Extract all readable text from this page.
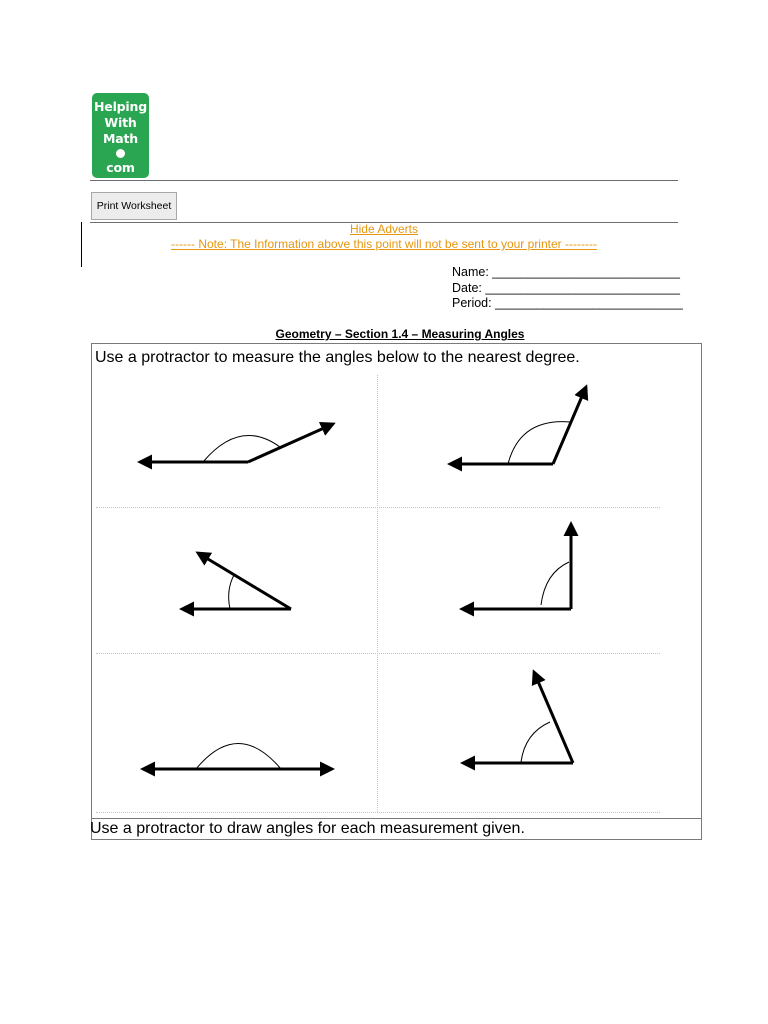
Helping
With
Math
com
Print Worksheet
Hide Adverts
------ Note: The Information above this point will not be sent to your printer --------
Name: ___________________________
Date: ____________________________
Period: ___________________________
Geometry – Section 1.4 – Measuring Angles
Use a protractor to measure the angles below to the nearest degree.
Use a protractor to draw angles for each measurement given.
